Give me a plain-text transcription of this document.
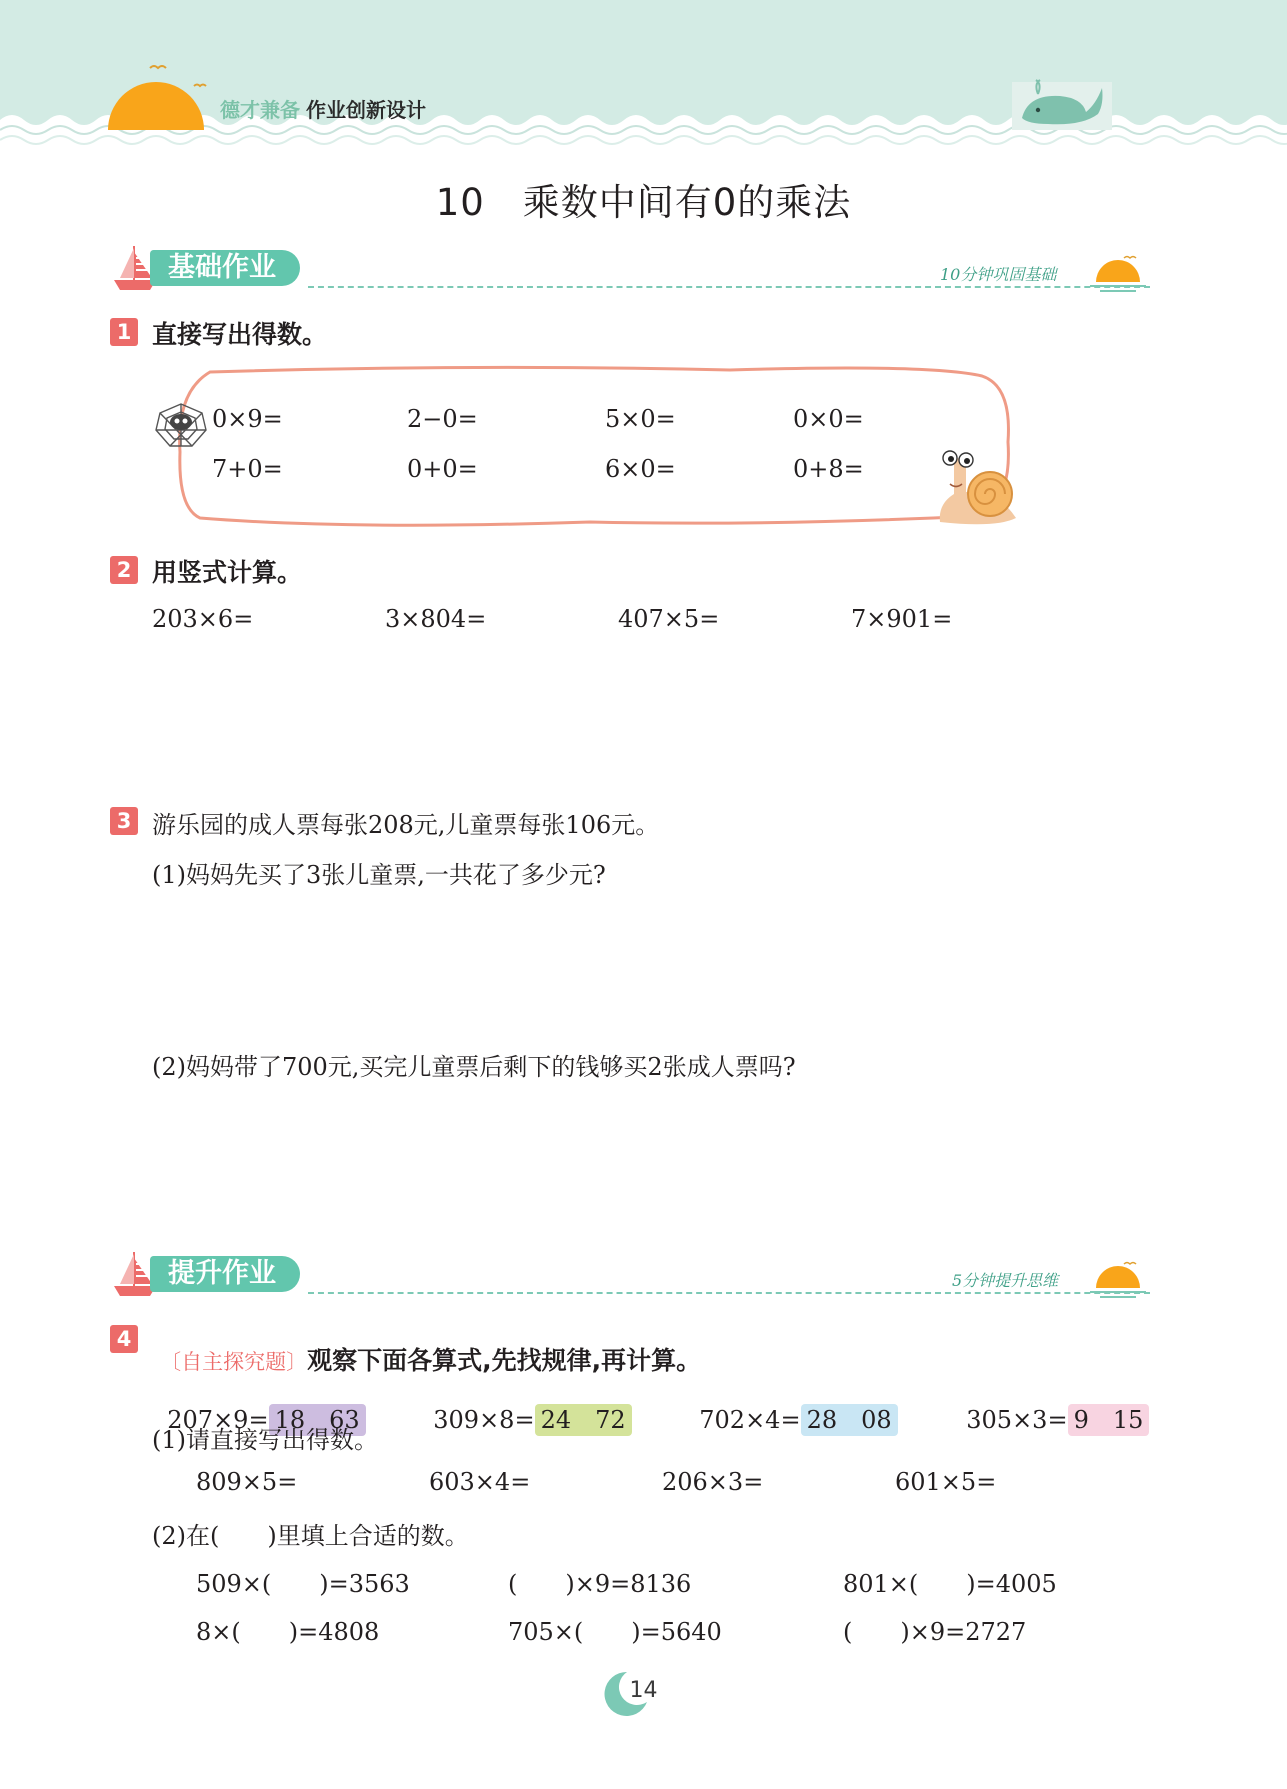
德才兼备 作业创新设计
10　乘数中间有0的乘法
基础作业	10分钟巩固基础
1 直接写出得数。
0×9=	2−0=	5×0=	0×0=
7+0=	0+0=	6×0=	0+8=
2 用竖式计算。
203×6=	3×804=	407×5=	7×901=
3 游乐园的成人票每张208元,儿童票每张106元。
(1)妈妈先买了3张儿童票,一共花了多少元?
(2)妈妈带了700元,买完儿童票后剩下的钱够买2张成人票吗?
提升作业	5分钟提升思维
4

〔自主探究题〕观察下面各算式,先找规律,再计算。

207×9= 18　63	309×8= 24　72	702×4= 28　08	305×3= 9　15

(1)请直接写出得数。
809×5=	603×4=	206×3=	601×5=
(2)在(　　)里填上合适的数。
509×(　　)=3563	(　　)×9=8136	801×(　　)=4005
8×(　　)=4808	705×(　　)=5640	(　　)×9=2727
14
